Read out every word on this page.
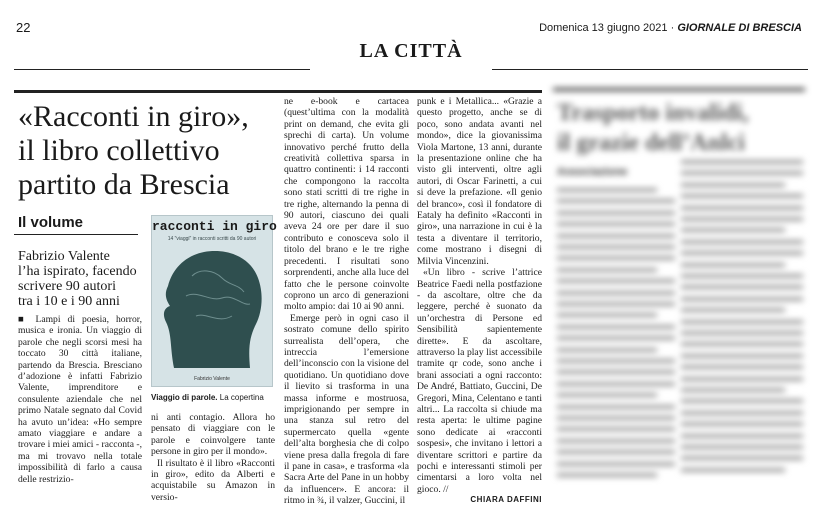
22	Domenica 13 giugno 2021 · GIORNALE DI BRESCIA
LA CITTÀ
«Racconti in giro»,
il libro collettivo
partito da Brescia
Il volume
Fabrizio Valente
l’ha ispirato, facendo
scrivere 90 autori
tra i 10 e i 90 anni

■ Lampi di poesia, horror, musica e ironia. Un viaggio di parole che negli scorsi mesi ha toccato 30 città italiane, partendo da Brescia. Bresciano d’adozione è infatti Fabrizio Valente, imprenditore e consulente aziendale che nel primo Natale segnato dal Covid ha avuto un’idea: «Ho sempre amato viaggiare e andare a trovare i miei amici - racconta -, ma mi trovavo nella totale impossibilità di farlo a causa delle restrizio-

racconti in giro
14 "viaggi" in racconti scritti da 90 autori
Fabrizio Valente
Viaggio di parole. La copertina

ni anti contagio. Allora ho pensato di viaggiare con le parole e coinvolgere tante persone in giro per il mondo».

Il risultato è il libro «Racconti in giro», edito da Alberti e acquistabile su Amazon in versio-

ne e-book e cartacea (quest’ultima con la modalità print on demand, che evita gli sprechi di carta). Un volume innovativo perché frutto della creatività collettiva sparsa in quattro continenti: i 14 racconti che compongono la raccolta sono stati scritti di tre righe in tre righe, alternando la penna di 90 autori, ciascuno dei quali aveva 24 ore per dare il suo contributo e conosceva solo il titolo del brano e le tre righe precedenti. I risultati sono sorprendenti, anche alla luce del fatto che le persone coinvolte coprono un arco di generazioni molto ampio: dai 10 ai 90 anni.

Emerge però in ogni caso il sostrato comune dello spirito surrealista dell’opera, che intreccia l’emersione dell’inconscio con la visione del quotidiano. Un quotidiano dove il lievito si trasforma in una massa informe e mostruosa, imprigionando per sempre in una stanza sul retro del supermercato quella «gente dell’alta borghesia che di colpo viene presa dalla fregola di fare il pane in casa», e trasforma «la Sacra Arte del Pane in un hobby da influencer». E ancora: il ritmo in ¾, il valzer, Guccini, il

punk e i Metallica... «Grazie a questo progetto, anche se di poco, sono andata avanti nel mondo», dice la giovanissima Viola Martone, 13 anni, durante la presentazione online che ha visto gli interventi, oltre agli autori, di Oscar Farinetti, a cui si deve la prefazione. «Il genio del branco», così il fondatore di Eataly ha definito «Racconti in giro», una narrazione in cui è la testa a diventare il territorio, come mostrano i disegni di Milvia Vincenzini.

«Un libro - scrive l’attrice Beatrice Faedi nella postfazione - da ascoltare, oltre che da leggere, perché è suonato da un’orchestra di Persone ed Sensibilità sapientemente dirette». E da ascoltare, attraverso la play list accessibile tramite qr code, sono anche i brani associati a ogni racconto: De André, Battiato, Guccini, De Gregori, Mina, Celentano e tanti altri... La raccolta si chiude ma resta aperta: le ultime pagine sono dedicate ai «racconti sospesi», che invitano i lettori a diventare scrittori e partire da pochi e interessanti stimoli per cimentarsi a loro volta nel gioco. //

CHIARA DAFFINI
Trasporto invalidi,
il grazie dell’Anlci
Associazione
